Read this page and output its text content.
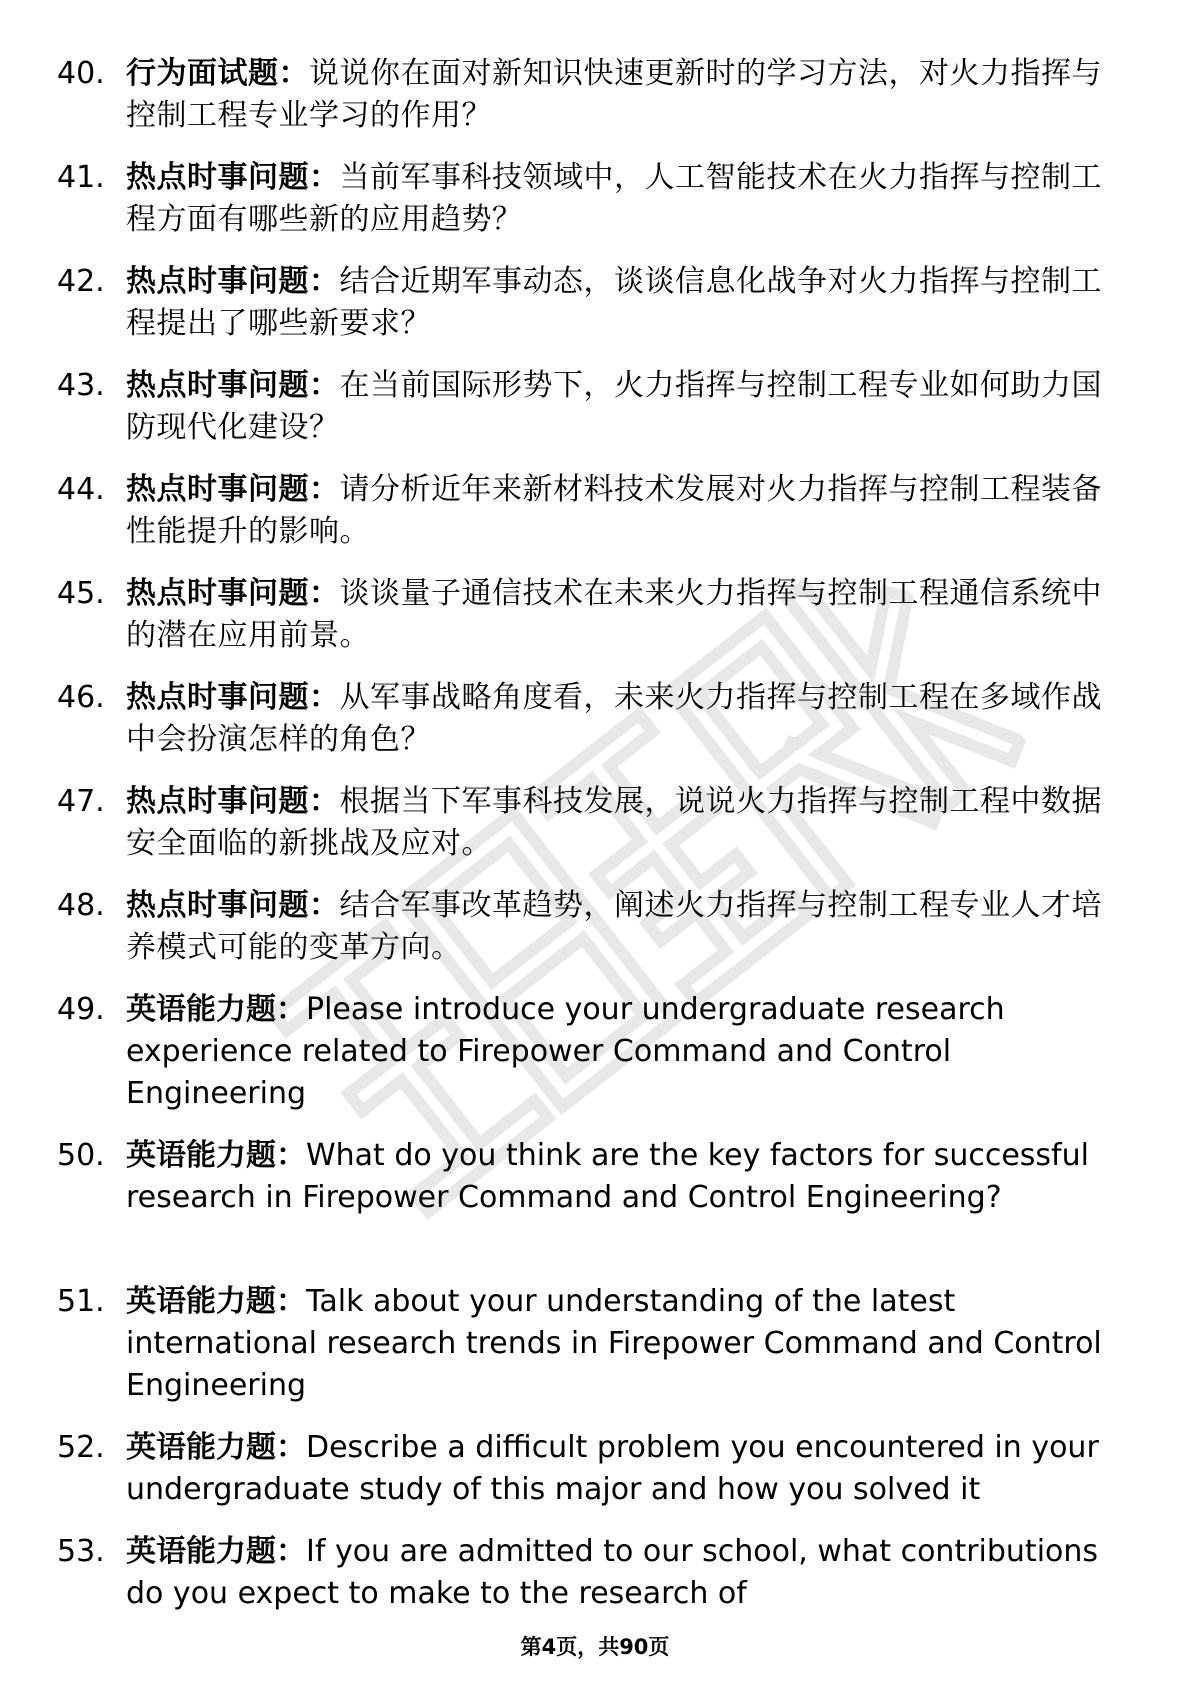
40. 行为面试题：说说你在面对新知识快速更新时的学习方法，对火力指挥与控制工程专业学习的作用？
41. 热点时事问题：当前军事科技领域中，人工智能技术在火力指挥与控制工程方面有哪些新的应用趋势？
42. 热点时事问题：结合近期军事动态，谈谈信息化战争对火力指挥与控制工程提出了哪些新要求？
43. 热点时事问题：在当前国际形势下，火力指挥与控制工程专业如何助力国防现代化建设？
44. 热点时事问题：请分析近年来新材料技术发展对火力指挥与控制工程装备性能提升的影响。
45. 热点时事问题：谈谈量子通信技术在未来火力指挥与控制工程通信系统中的潜在应用前景。
46. 热点时事问题：从军事战略角度看，未来火力指挥与控制工程在多域作战中会扮演怎样的角色？
47. 热点时事问题：根据当下军事科技发展，说说火力指挥与控制工程中数据安全面临的新挑战及应对。
48. 热点时事问题：结合军事改革趋势，阐述火力指挥与控制工程专业人才培养模式可能的变革方向。
49. 英语能力题：Please introduce your undergraduate research experience related to Firepower Command and Control Engineering
50. 英语能力题：What do you think are the key factors for successful research in Firepower Command and Control Engineering?
51. 英语能力题：Talk about your understanding of the latest international research trends in Firepower Command and Control Engineering
52. 英语能力题：Describe a difficult problem you encountered in your undergraduate study of this major and how you solved it
53. 英语能力题：If you are admitted to our school, what contributions do you expect to make to the research of
第4页，共90页
